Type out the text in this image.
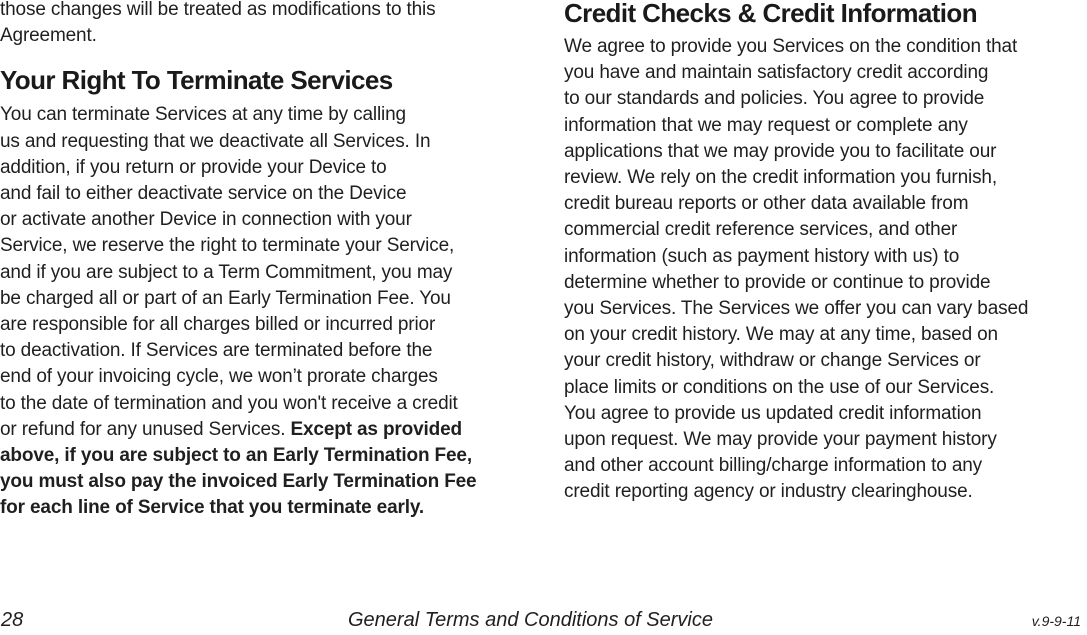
those changes will be treated as modifications to this
Agreement.

Your Right To Terminate Services

You can terminate Services at any time by calling
us and requesting that we deactivate all Services. In
addition, if you return or provide your Device to
and fail to either deactivate service on the Device
or activate another Device in connection with your
Service, we reserve the right to terminate your Service,
and if you are subject to a Term Commitment, you may
be charged all or part of an Early Termination Fee. You
are responsible for all charges billed or incurred prior
to deactivation. If Services are terminated before the
end of your invoicing cycle, we won’t prorate charges
to the date of termination and you won't receive a credit
or refund for any unused Services. Except as provided
above, if you are subject to an Early Termination Fee,
you must also pay the invoiced Early Termination Fee
for each line of Service that you terminate early.

Credit Checks & Credit Information

We agree to provide you Services on the condition that
you have and maintain satisfactory credit according
to our standards and policies. You agree to provide
information that we may request or complete any
applications that we may provide you to facilitate our
review. We rely on the credit information you furnish,
credit bureau reports or other data available from
commercial credit reference services, and other
information (such as payment history with us) to
determine whether to provide or continue to provide
you Services. The Services we offer you can vary based
on your credit history. We may at any time, based on
your credit history, withdraw or change Services or
place limits or conditions on the use of our Services.
You agree to provide us updated credit information
upon request. We may provide your payment history
and other account billing/charge information to any
credit reporting agency or industry clearinghouse.

28	General Terms and Conditions of Service	v.9-9-11
